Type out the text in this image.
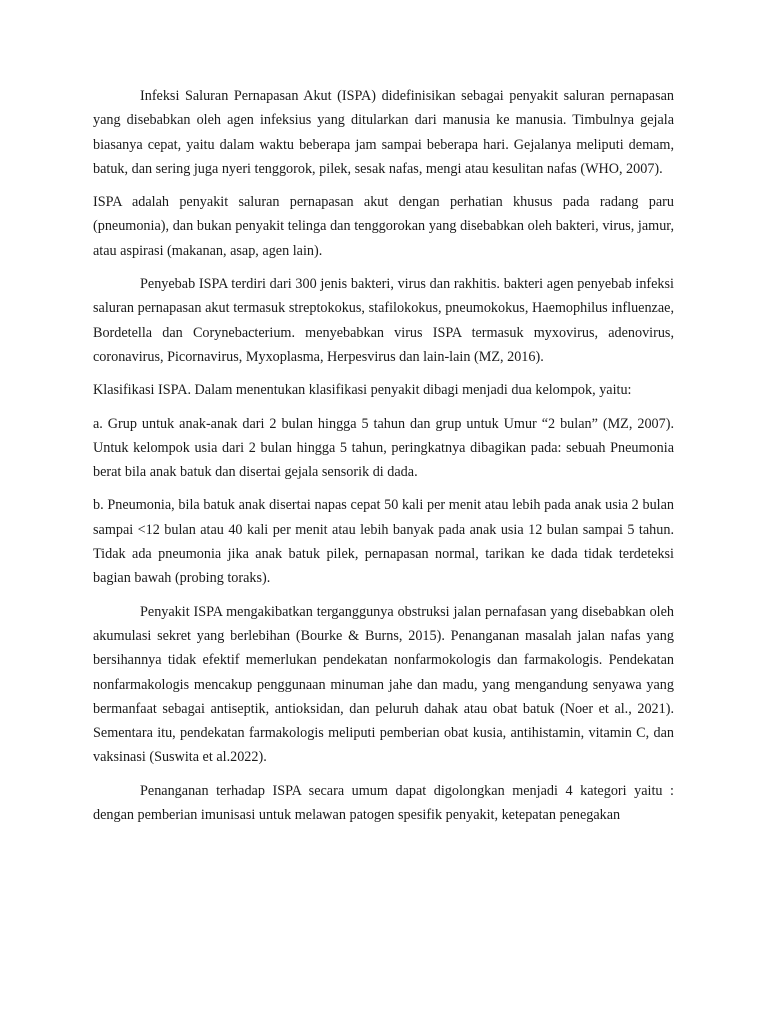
Infeksi Saluran Pernapasan Akut (ISPA) didefinisikan sebagai penyakit saluran pernapasan yang disebabkan oleh agen infeksius yang ditularkan dari manusia ke manusia. Timbulnya gejala biasanya cepat, yaitu dalam waktu beberapa jam sampai beberapa hari. Gejalanya meliputi demam, batuk, dan sering juga nyeri tenggorok, pilek, sesak nafas, mengi atau kesulitan nafas (WHO, 2007).

ISPA adalah penyakit saluran pernapasan akut dengan perhatian khusus pada radang paru (pneumonia), dan bukan penyakit telinga dan tenggorokan yang disebabkan oleh bakteri, virus, jamur, atau aspirasi (makanan, asap, agen lain).

Penyebab ISPA terdiri dari 300 jenis bakteri, virus dan rakhitis. bakteri agen penyebab infeksi saluran pernapasan akut termasuk streptokokus, stafilokokus, pneumokokus, Haemophilus influenzae, Bordetella dan Corynebacterium. menyebabkan virus ISPA termasuk myxovirus, adenovirus, coronavirus, Picornavirus, Myxoplasma, Herpesvirus dan lain-lain (MZ, 2016).

Klasifikasi ISPA. Dalam menentukan klasifikasi penyakit dibagi menjadi dua kelompok, yaitu:

a. Grup untuk anak-anak dari 2 bulan hingga 5 tahun dan grup untuk Umur “2 bulan” (MZ, 2007). Untuk kelompok usia dari 2 bulan hingga 5 tahun, peringkatnya dibagikan pada: sebuah Pneumonia berat bila anak batuk dan disertai gejala sensorik di dada.

b. Pneumonia, bila batuk anak disertai napas cepat 50 kali per menit atau lebih pada anak usia 2 bulan sampai <12 bulan atau 40 kali per menit atau lebih banyak pada anak usia 12 bulan sampai 5 tahun. Tidak ada pneumonia jika anak batuk pilek, pernapasan normal, tarikan ke dada tidak terdeteksi bagian bawah (probing toraks).

Penyakit ISPA mengakibatkan terganggunya obstruksi jalan pernafasan yang disebabkan oleh akumulasi sekret yang berlebihan (Bourke & Burns, 2015). Penanganan masalah jalan nafas yang bersihannya tidak efektif memerlukan pendekatan nonfarmokologis dan farmakologis. Pendekatan nonfarmakologis mencakup penggunaan minuman jahe dan madu, yang mengandung senyawa yang bermanfaat sebagai antiseptik, antioksidan, dan peluruh dahak atau obat batuk (Noer et al., 2021). Sementara itu, pendekatan farmakologis meliputi pemberian obat kusia, antihistamin, vitamin C, dan vaksinasi (Suswita et al.2022).

Penanganan terhadap ISPA secara umum dapat digolongkan menjadi 4 kategori yaitu : dengan pemberian imunisasi untuk melawan patogen spesifik penyakit, ketepatan penegakan
